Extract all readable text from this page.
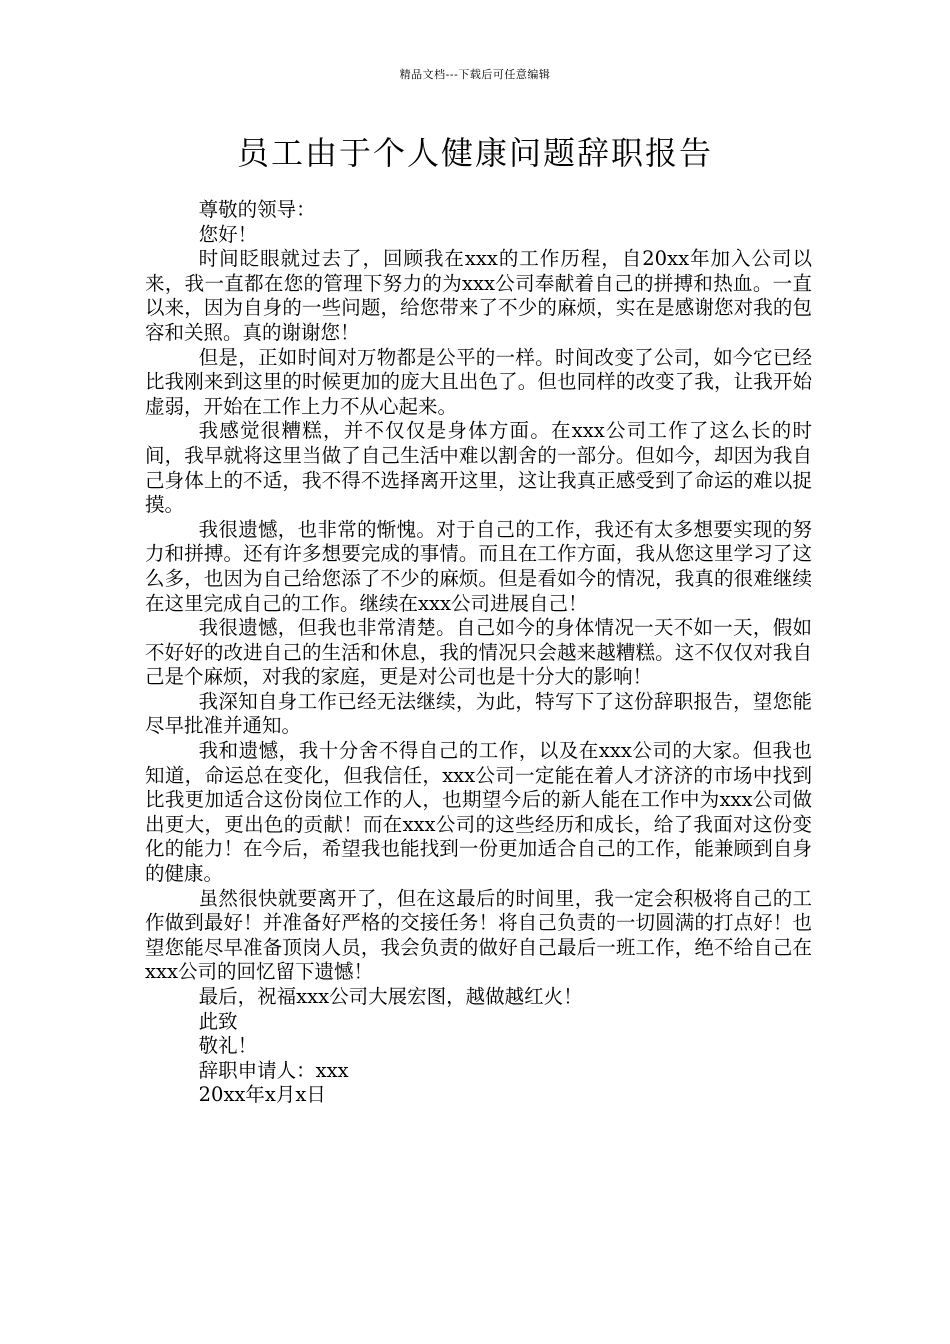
精品文档---下载后可任意编辑
员工由于个人健康问题辞职报告

尊敬的领导：

您好！

时间眨眼就过去了，回顾我在xxx的工作历程，自20xx年加入公司以来，我一直都在您的管理下努力的为xxx公司奉献着自己的拼搏和热血。一直以来，因为自身的一些问题，给您带来了不少的麻烦，实在是感谢您对我的包容和关照。真的谢谢您！

但是，正如时间对万物都是公平的一样。时间改变了公司，如今它已经比我刚来到这里的时候更加的庞大且出色了。但也同样的改变了我，让我开始虚弱，开始在工作上力不从心起来。

我感觉很糟糕，并不仅仅是身体方面。在xxx公司工作了这么长的时间，我早就将这里当做了自己生活中难以割舍的一部分。但如今，却因为我自己身体上的不适，我不得不选择离开这里，这让我真正感受到了命运的难以捉摸。

我很遗憾，也非常的惭愧。对于自己的工作，我还有太多想要实现的努力和拼搏。还有许多想要完成的事情。而且在工作方面，我从您这里学习了这么多，也因为自己给您添了不少的麻烦。但是看如今的情况，我真的很难继续在这里完成自己的工作。继续在xxx公司进展自己！

我很遗憾，但我也非常清楚。自己如今的身体情况一天不如一天，假如不好好的改进自己的生活和休息，我的情况只会越来越糟糕。这不仅仅对我自己是个麻烦，对我的家庭，更是对公司也是十分大的影响！

我深知自身工作已经无法继续，为此，特写下了这份辞职报告，望您能尽早批准并通知。

我和遗憾，我十分舍不得自己的工作，以及在xxx公司的大家。但我也知道，命运总在变化，但我信任，xxx公司一定能在着人才济济的市场中找到比我更加适合这份岗位工作的人，也期望今后的新人能在工作中为xxx公司做出更大，更出色的贡献！而在xxx公司的这些经历和成长，给了我面对这份变化的能力！在今后，希望我也能找到一份更加适合自己的工作，能兼顾到自身的健康。

虽然很快就要离开了，但在这最后的时间里，我一定会积极将自己的工作做到最好！并准备好严格的交接任务！将自己负责的一切圆满的打点好！也望您能尽早准备顶岗人员，我会负责的做好自己最后一班工作，绝不给自己在xxx公司的回忆留下遗憾！

最后，祝福xxx公司大展宏图，越做越红火！

此致

敬礼！

辞职申请人：xxx

20xx年x月x日
